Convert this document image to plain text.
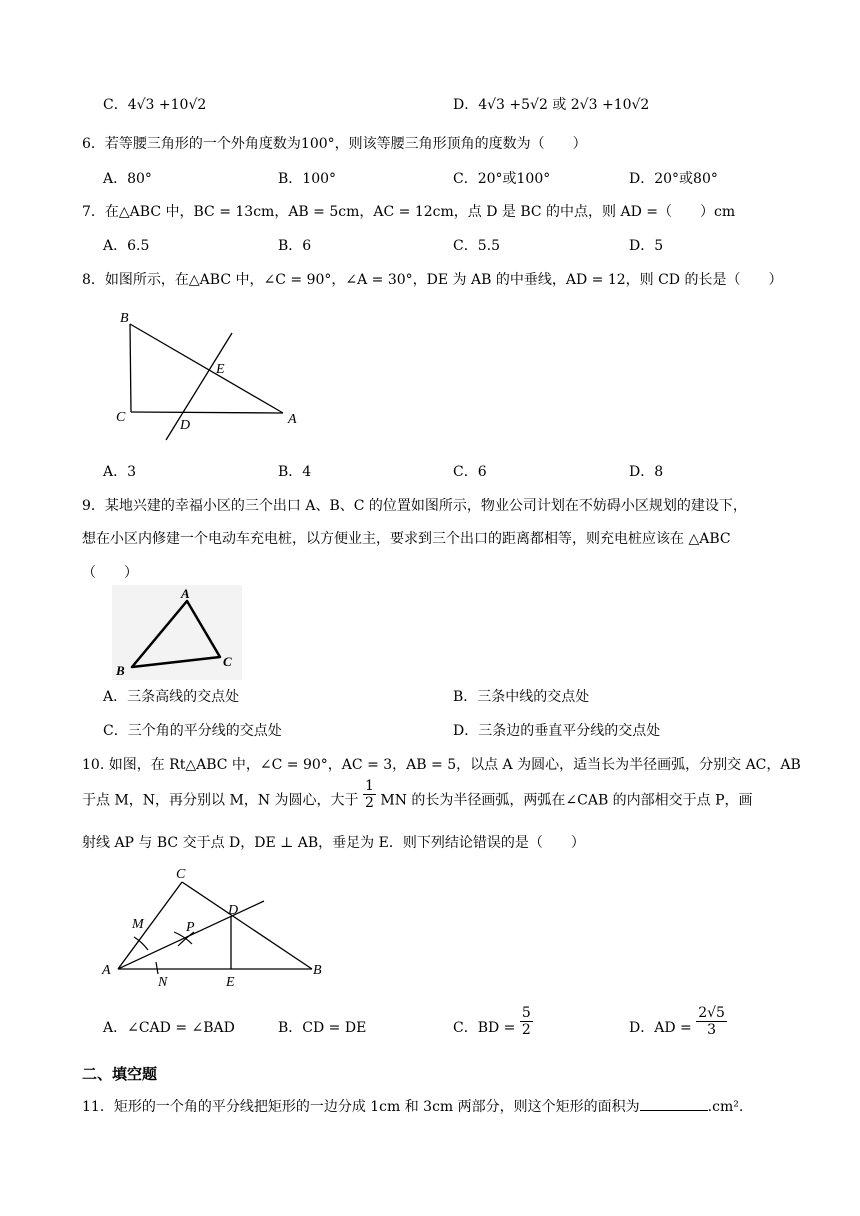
C．4√3 +10√2	D．4√3 +5√2 或 2√3 +10√2
6．若等腰三角形的一个外角度数为100°，则该等腰三角形顶角的度数为（　　）
A．80°	B．100°	C．20°或100°	D．20°或80°
7．在△ABC 中，BC = 13cm，AB = 5cm，AC = 12cm，点 D 是 BC 的中点，则 AD =（　　）cm
A．6.5	B．6	C．5.5	D．5
8．如图所示，在△ABC 中，∠C = 90°，∠A = 30°，DE 为 AB 的中垂线，AD = 12，则 CD 的长是（　　）
B
E
C
D	A
A．3	B．4	C．6	D．8
9．某地兴建的幸福小区的三个出口 A、B、C 的位置如图所示，物业公司计划在不妨碍小区规划的建设下，
想在小区内修建一个电动车充电桩，以方便业主，要求到三个出口的距离都相等，则充电桩应该在 △ABC
（　　）
A
B
C
A．三条高线的交点处	B．三条中线的交点处
C．三个角的平分线的交点处	D．三条边的垂直平分线的交点处
10. 如图，在 Rt△ABC 中，∠C = 90°，AC = 3，AB = 5，以点 A 为圆心，适当长为半径画弧，分别交 AC，AB
于点 M，N，再分别以 M，N 为圆心，大于 $\frac{1}{2}$ MN 的长为半径画弧，两弧在∠CAB 的内部相交于点 P，画
射线 AP 与 BC 交于点 D，DE ⊥ AB，垂足为 E．则下列结论错误的是（　　）
C
D
M	P
A
N	E
B
A．∠CAD = ∠BAD	B．CD = DE	C．BD = $\frac{5}{2}$	D．AD = $\frac{2√5}{3}$
二、填空题
11．矩形的一个角的平分线把矩形的一边分成 1cm 和 3cm 两部分，则这个矩形的面积为	.cm².
